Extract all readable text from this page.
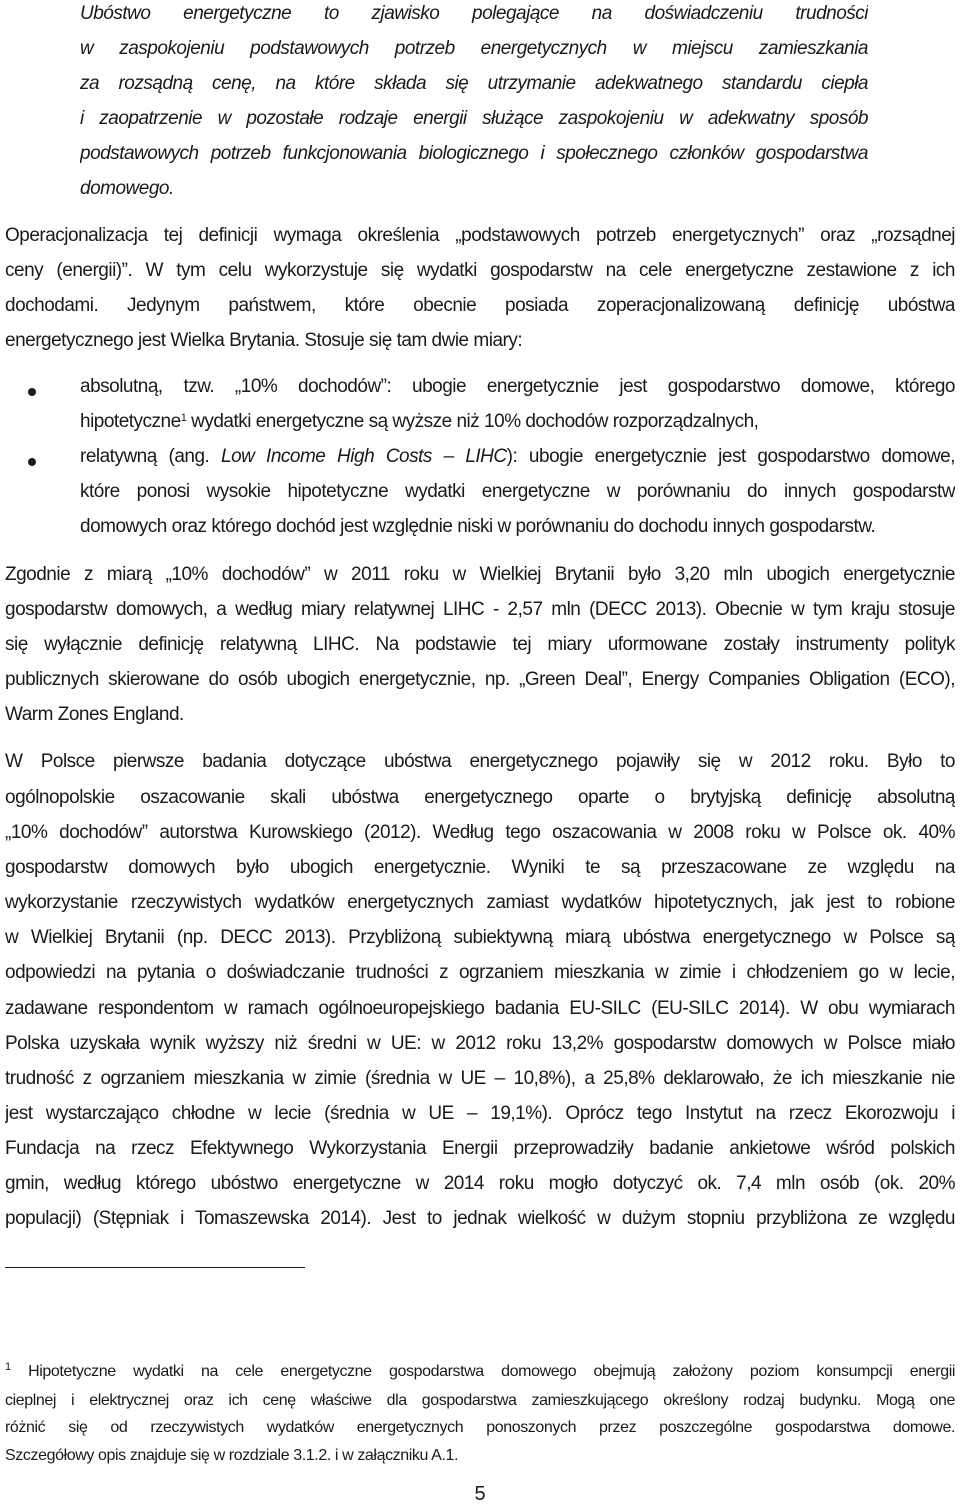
Ubóstwo energetyczne to zjawisko polegające na doświadczeniu trudności
w zaspokojeniu podstawowych potrzeb energetycznych w miejscu zamieszkania
za rozsądną cenę, na które składa się utrzymanie adekwatnego standardu ciepła
i zaopatrzenie w pozostałe rodzaje energii służące zaspokojeniu w adekwatny sposób
podstawowych potrzeb funkcjonowania biologicznego i społecznego członków gospodarstwa
domowego.
Operacjonalizacja tej definicji wymaga określenia „podstawowych potrzeb energetycznych” oraz „rozsądnej
ceny (energii)”. W tym celu wykorzystuje się wydatki gospodarstw na cele energetyczne zestawione z ich
dochodami. Jedynym państwem, które obecnie posiada zoperacjonalizowaną definicję ubóstwa
energetycznego jest Wielka Brytania. Stosuje się tam dwie miary:
absolutną, tzw. „10% dochodów”: ubogie energetycznie jest gospodarstwo domowe, którego
hipotetyczne$^1$ wydatki energetyczne są wyższe niż 10% dochodów rozporządzalnych,
relatywną (ang. Low Income High Costs – LIHC): ubogie energetycznie jest gospodarstwo domowe,
które ponosi wysokie hipotetyczne wydatki energetyczne w porównaniu do innych gospodarstw
domowych oraz którego dochód jest względnie niski w porównaniu do dochodu innych gospodarstw.
Zgodnie z miarą „10% dochodów” w 2011 roku w Wielkiej Brytanii było 3,20 mln ubogich energetycznie
gospodarstw domowych, a według miary relatywnej LIHC - 2,57 mln (DECC 2013). Obecnie w tym kraju stosuje
się wyłącznie definicję relatywną LIHC. Na podstawie tej miary uformowane zostały instrumenty polityk
publicznych skierowane do osób ubogich energetycznie, np. „Green Deal”, Energy Companies Obligation (ECO),
Warm Zones England.
W Polsce pierwsze badania dotyczące ubóstwa energetycznego pojawiły się w 2012 roku. Było to
ogólnopolskie oszacowanie skali ubóstwa energetycznego oparte o brytyjską definicję absolutną
„10% dochodów” autorstwa Kurowskiego (2012). Według tego oszacowania w 2008 roku w Polsce ok. 40%
gospodarstw domowych było ubogich energetycznie. Wyniki te są przeszacowane ze względu na
wykorzystanie rzeczywistych wydatków energetycznych zamiast wydatków hipotetycznych, jak jest to robione
w Wielkiej Brytanii (np. DECC 2013). Przybliżoną subiektywną miarą ubóstwa energetycznego w Polsce są
odpowiedzi na pytania o doświadczanie trudności z ogrzaniem mieszkania w zimie i chłodzeniem go w lecie,
zadawane respondentom w ramach ogólnoeuropejskiego badania EU-SILC (EU-SILC 2014). W obu wymiarach
Polska uzyskała wynik wyższy niż średni w UE: w 2012 roku 13,2% gospodarstw domowych w Polsce miało
trudność z ogrzaniem mieszkania w zimie (średnia w UE – 10,8%), a 25,8% deklarowało, że ich mieszkanie nie
jest wystarczająco chłodne w lecie (średnia w UE – 19,1%). Oprócz tego Instytut na rzecz Ekorozwoju i
Fundacja na rzecz Efektywnego Wykorzystania Energii przeprowadziły badanie ankietowe wśród polskich
gmin, według którego ubóstwo energetyczne w 2014 roku mogło dotyczyć ok. 7,4 mln osób (ok. 20%
populacji) (Stępniak i Tomaszewska 2014). Jest to jednak wielkość w dużym stopniu przybliżona ze względu
$^1$ Hipotetyczne wydatki na cele energetyczne gospodarstwa domowego obejmują założony poziom konsumpcji energii
cieplnej i elektrycznej oraz ich cenę właściwe dla gospodarstwa zamieszkującego określony rodzaj budynku. Mogą one
różnić się od rzeczywistych wydatków energetycznych ponoszonych przez poszczególne gospodarstwa domowe.
Szczegółowy opis znajduje się w rozdziale 3.1.2. i w załączniku A.1.
5
